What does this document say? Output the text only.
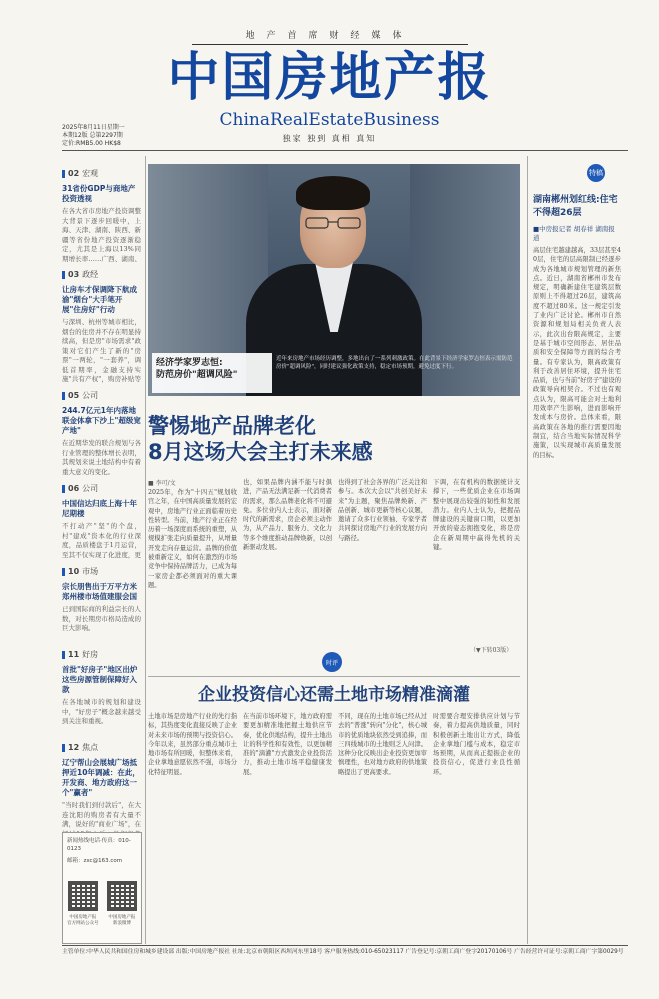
地产首席财经媒体
中国房地产报
ChinaRealEstateBusiness
独家 独到 真相 真知
2025年8月11日星期一
本期12版 总第2297期
定价:RMB5.00 HK$8
02 宏观
31省份GDP与商地产投资透视
在各大省市房地产投资调整大背景下逐步回暖中，上海、天津、湖南、陕西、新疆等省份地产投资逐渐稳定，尤其是上海以13%同期增长率……广西、湖南、
03 政经
让房车才保调降下航成渝"烟台"大手笔开展"住房好"行动
与深圳、杭州等城市相比，烟台的住房并不存在明显持续高，但是房"市场需求"政策对它们产生了新的"房票"一两轮，"一套养"，调低首期率，金融支持实施"共有产权"，购房补贴等
05 公司
244.7亿元1年内落地联金体拿下沙上"超级宽产地"
在近期华发的联合规划与各行业管理的整体增长表明，其规划来说土地结构中有着重大意义的变化。
06 公司
中国信达归底上海十年尼期楼
不打动产"坚"的个盘，村"建成"资本化的行业深度，品质楼盘于1月运营，至其不仅实现了化进度，更
10 市场
宗长朋售出于万平方米郑州楼市场值建服会国
已到国际商的利益宗长的人数，对长期房市格局造成的巨大影响。
11 好房
首批"好房子"地区出炉这些房源管制保障好入款
在各地城市的规划和建设中，"好房子"概念越来越受到关注和重视。
12 焦点
辽宁帮山会展城广场抵押近10年调减：在此，开发商、地方政府这一个"赢者"
"当时我们到付款后"，在大连沈阳的购房者有大量不满，说好的"商业广场"，在
新闻热线电话·传真：010-0123
邮箱：zxc@163.com
中国房地产报
官方网站公众号
中国房地产报
新浪微博
经济学家罗志恒:
防范房价"超调风险"
近年来房地产市场经历调整，多地出台了一系列刺激政策。在此背景下经济学家罗志恒表示需防范房价"超调风险"，同时建议强化政策支持，稳定市场预期，避免过度下行。
警惕地产品牌老化
8月这场大会主打未来感
■ 李可/文
2025年，作为"十四五"规划收官之年，在中国高质量发展的宏观中，房地产行业正面临着历史性转型。当前，地产行业正在经历着一场深度而系统的重塑，从规模扩张走向质量提升，从增量开发走向存量运营。品牌的价值被重新定义，如何在激烈的市场竞争中保持品牌活力，已成为每一家房企都必须面对的重大课题。
也，如果品牌内涵不能与时俱进，产品无法满足新一代消费者的需求，那么品牌老化将不可避免。多位业内人士表示，面对新时代的新需求，房企必须主动作为，从产品力、服务力、文化力等多个维度推动品牌焕新，以创新驱动发展。
也得到了社会各界的广泛关注和参与。本次大会以"共创美好未来"为主题，聚焦品牌焕新、产品创新、城市更新等核心议题，邀请了众多行业领袖、专家学者共同探讨房地产行业的发展方向与路径。
下调，在有机构的数据统计支撑下，一些优质企业在市场调整中展现出较强的韧性和发展潜力。业内人士认为，把握品牌建设的关键窗口期，以更加开放的姿态拥抱变化，将是房企在新周期中赢得先机的关键。
（▼下转03版）
时评
企业投资信心还需土地市场精准滴灌
土地市场是房地产行业的先行指标，其热度变化直接反映了企业对未来市场的预期与投资信心。今年以来，虽然部分重点城市土地市场有所回暖，但整体来看，企业拿地意愿依然不强，市场分化特征明显。
在当前市场环境下，地方政府需要更加精准地把握土地供应节奏，优化供地结构，提升土地出让的科学性和有效性，以更加精准的"滴灌"方式激发企业投资活力，推动土地市场平稳健康发展。
不同，现在的土地市场已经从过去的"普涨"转向"分化"，核心城市的优质地块依然受到追捧，而三四线城市的土地则乏人问津。这种分化反映出企业投资更加审慎理性，也对地方政府的供地策略提出了更高要求。
时需要合理安排供应计划与节奏，着力提高供地质量，同时积极创新土地出让方式，降低企业拿地门槛与成本，稳定市场预期，从而真正提振企业的投资信心，促进行业良性循环。
特稿
湖南郴州划红线:住宅不得超26层
■中房报记者 胡春祥 湖南报道
高层住宅越建越高，33层甚至40层，住宅的层高限制已经逐步成为各地城市规划管理的新焦点。近日，湖南省郴州市发布规定，明确新建住宅建筑层数原则上不得超过26层，建筑高度不超过80米。这一规定引发了业内广泛讨论。郴州市自然资源和规划局相关负责人表示，此次出台限高规定，主要是基于城市空间形态、居住品质和安全保障等方面的综合考量。有专家认为，限高政策有利于改善居住环境，提升住宅品质，也与当前"好房子"建设的政策导向相契合。不过也有观点认为，限高可能会对土地利用效率产生影响，进而影响开发成本与房价。总体来看，限高政策在各地的推行需要因地制宜，结合当地实际情况科学施策，以实现城市高质量发展的目标。
主管单位:中华人民共和国住房和城乡建设部 出版:中国房地产报社 社址:北京市朝阳区西坝河东里18号 客户服务热线:010-65023117 广告登记号:京朝工商广登字20170106号 广告经营许可证号:京朝工商广字第0029号
